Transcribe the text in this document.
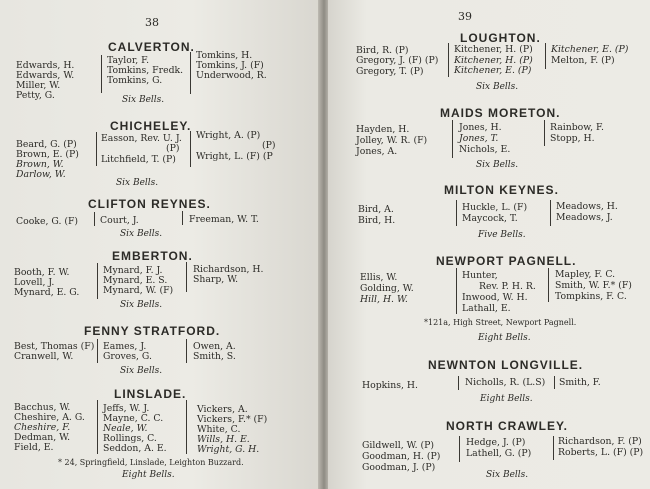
38
CALVERTON.
Edwards, H.
Edwards, W.
Miller, W.
Petty, G.
Taylor, F.
Tomkins, Fredk.
Tomkins, G.
Tomkins, H.
Tomkins, J. (F)
Underwood, R.
Six Bells.
CHICHELEY.
Beard, G. (P)
Brown, E. (P)
Brown, W.
Darlow, W.
Easson, Rev. U. J.
(P)
Litchfield, T. (P)
Wright, A. (P)
(P)
Wright, L. (F) (P
Six Bells.
CLIFTON REYNES.
Cooke, G. (F) Court, J.	Freeman, W. T.
Six Bells.
EMBERTON.
Booth, F. W.
Lovell, J.
Mynard, E. G.
Mynard, F. J.
Mynard, E. S.
Mynard, W. (F)
Richardson, H.
Sharp, W.
Six Bells.
FENNY STRATFORD.
Best, Thomas (F)
Cranwell, W.
Eames, J.
Groves, G.
Owen, A.
Smith, S.
Six Bells.
LINSLADE.
Bacchus, W.
Cheshire, A. G.
Cheshire, F.
Dedman, W.
Field, E.
Jeffs, W. J.
Mayne, C. C.
Neale, W.
Rollings, C.
Seddon, A. E.
Vickers, A.
Vickers, F.* (F)
White, C.
Wills, H. E.
Wright, G. H.
* 24, Springfield, Linslade, Leighton Buzzard.
Eight Bells.
39
LOUGHTON.
Bird, R. (P)
Gregory, J. (F) (P)
Gregory, T. (P)
Kitchener, H. (P)
Kitchener, H. (P)
Kitchener, E. (P)
Kitchener, E. (P)
Melton, F. (P)
Six Bells.
MAIDS MORETON.
Hayden, H.
Jolley, W. R. (F)
Jones, A.
Jones, H.
Jones, T.
Nichols, E.
Rainbow, F.
Stopp, H.
Six Bells.
MILTON KEYNES.
Bird, A.
Bird, H.
Huckle, L. (F)
Maycock, T.
Meadows, H.
Meadows, J.
Five Bells.
NEWPORT PAGNELL.
Ellis, W.
Golding, W.
Hill, H. W.
Hunter,
Rev. P. H. R.
Inwood, W. H.
Lathall, E.
Mapley, F. C.
Smith, W. F.* (F)
Tompkins, F. C.
*121a, High Street, Newport Pagnell.
Eight Bells.
NEWNTON LONGVILLE.
Hopkins, H.	Nicholls, R. (L.S) Smith, F.
Eight Bells.
NORTH CRAWLEY.
Gildwell, W. (P)
Goodman, H. (P)
Goodman, J. (P)
Hedge, J. (P)
Lathell, G. (P)
Richardson, F. (P)
Roberts, L. (F) (P)
Six Bells.
